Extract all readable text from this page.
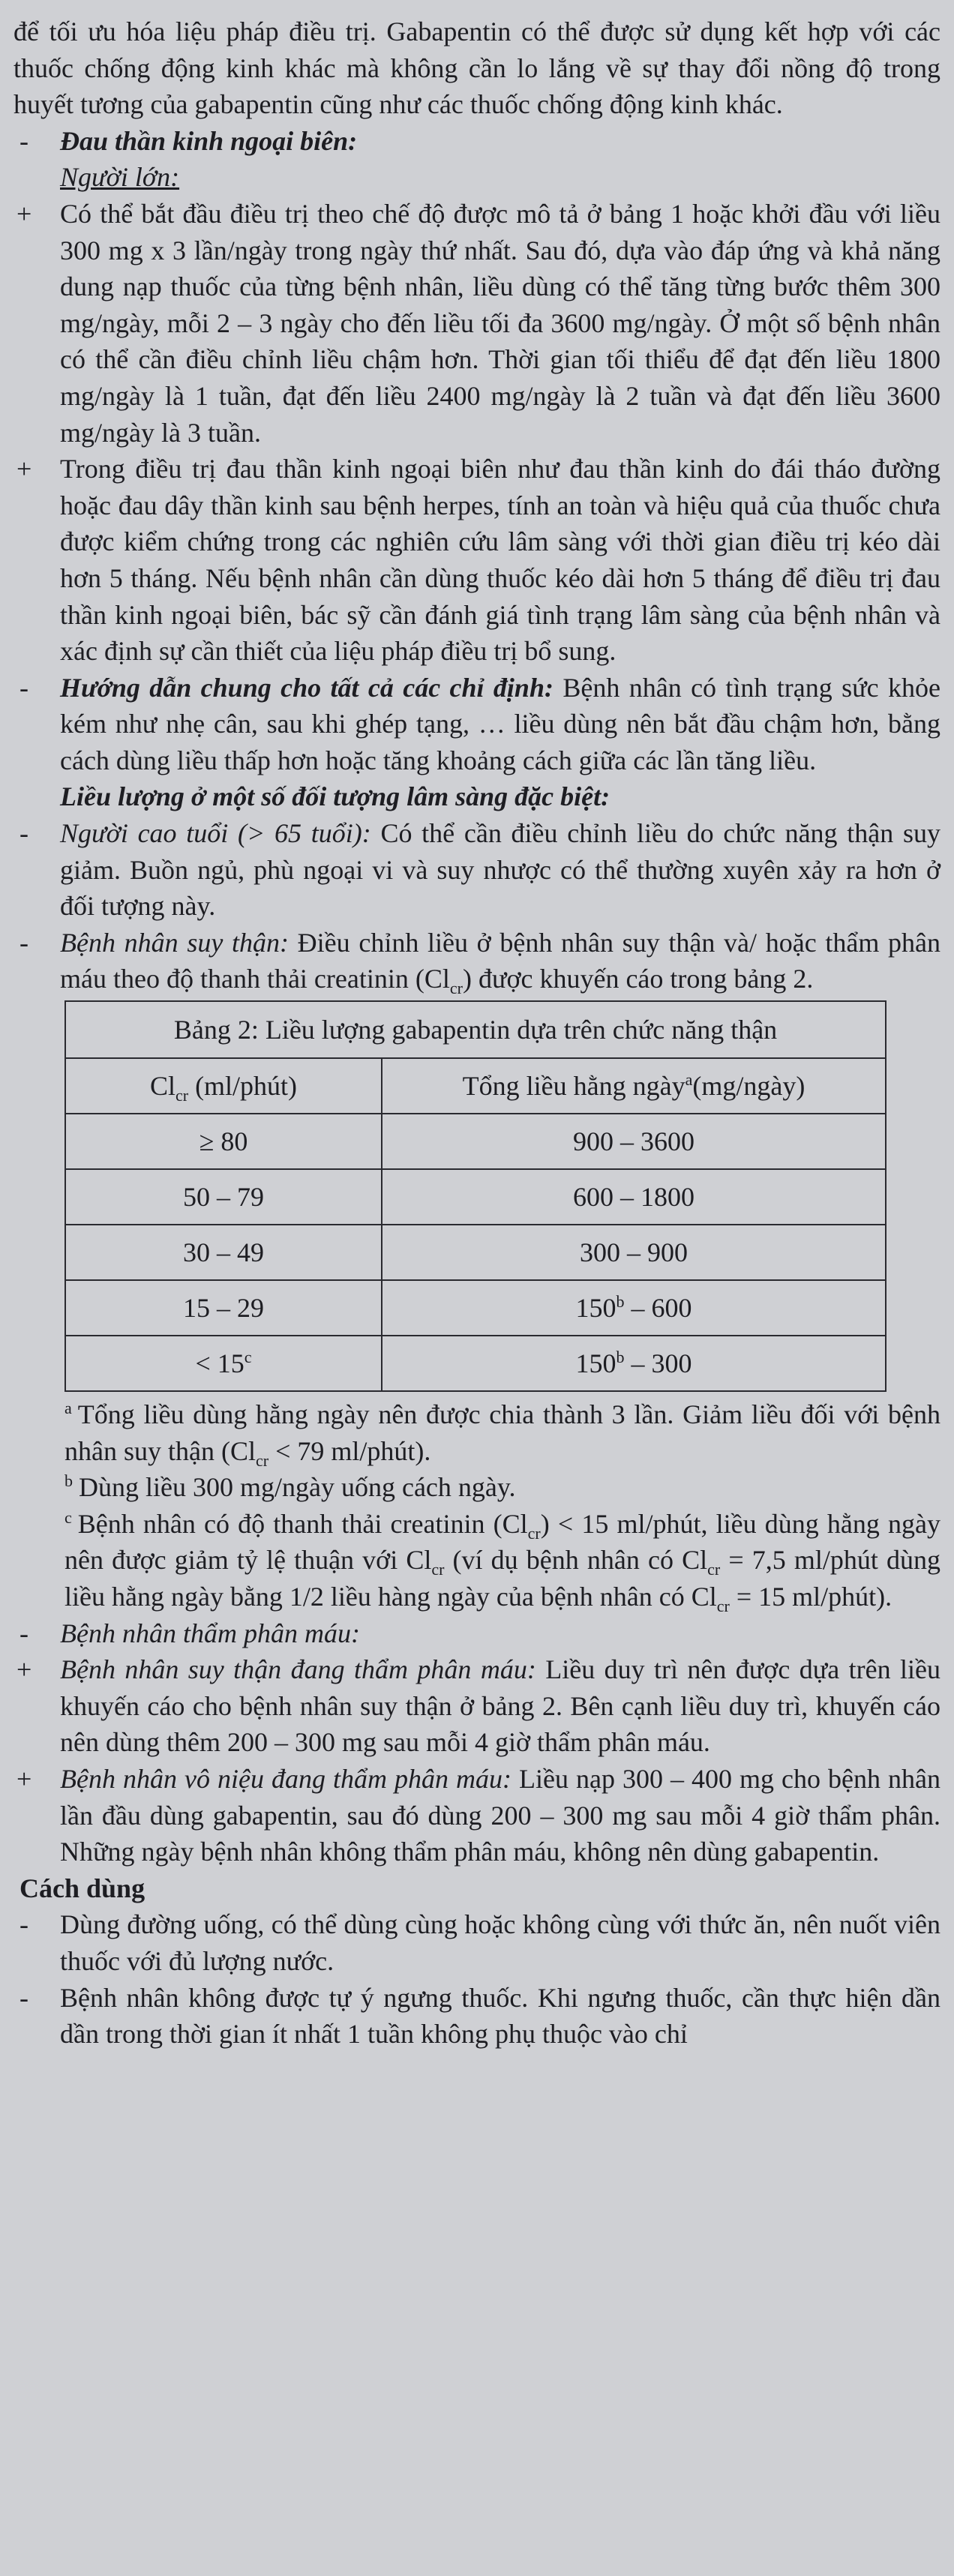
để tối ưu hóa liệu pháp điều trị. Gabapentin có thể được sử dụng kết hợp với các thuốc chống động kinh khác mà không cần lo lắng về sự thay đổi nồng độ trong huyết tương của gabapentin cũng như các thuốc chống động kinh khác.
- Đau thần kinh ngoại biên:
Người lớn:
+ Có thể bắt đầu điều trị theo chế độ được mô tả ở bảng 1 hoặc khởi đầu với liều 300 mg x 3 lần/ngày trong ngày thứ nhất. Sau đó, dựa vào đáp ứng và khả năng dung nạp thuốc của từng bệnh nhân, liều dùng có thể tăng từng bước thêm 300 mg/ngày, mỗi 2 – 3 ngày cho đến liều tối đa 3600 mg/ngày. Ở một số bệnh nhân có thể cần điều chỉnh liều chậm hơn. Thời gian tối thiểu để đạt đến liều 1800 mg/ngày là 1 tuần, đạt đến liều 2400 mg/ngày là 2 tuần và đạt đến liều 3600 mg/ngày là 3 tuần.
+ Trong điều trị đau thần kinh ngoại biên như đau thần kinh do đái tháo đường hoặc đau dây thần kinh sau bệnh herpes, tính an toàn và hiệu quả của thuốc chưa được kiểm chứng trong các nghiên cứu lâm sàng với thời gian điều trị kéo dài hơn 5 tháng. Nếu bệnh nhân cần dùng thuốc kéo dài hơn 5 tháng để điều trị đau thần kinh ngoại biên, bác sỹ cần đánh giá tình trạng lâm sàng của bệnh nhân và xác định sự cần thiết của liệu pháp điều trị bổ sung.
- Hướng dẫn chung cho tất cả các chỉ định: Bệnh nhân có tình trạng sức khỏe kém như nhẹ cân, sau khi ghép tạng, … liều dùng nên bắt đầu chậm hơn, bằng cách dùng liều thấp hơn hoặc tăng khoảng cách giữa các lần tăng liều.
Liều lượng ở một số đối tượng lâm sàng đặc biệt:
- Người cao tuổi (> 65 tuổi): Có thể cần điều chỉnh liều do chức năng thận suy giảm. Buồn ngủ, phù ngoại vi và suy nhược có thể thường xuyên xảy ra hơn ở đối tượng này.
- Bệnh nhân suy thận: Điều chỉnh liều ở bệnh nhân suy thận và/ hoặc thẩm phân máu theo độ thanh thải creatinin $(Cl_{cr})$ được khuyến cáo trong bảng 2.
Bảng 2: Liều lượng gabapentin dựa trên chức năng thận	
$Cl_{cr}$ (ml/phút)	Tổng liều hằng ngày$^a$(mg/ngày)
≥ 80	900 – 3600
50 – 79	600 – 1800
30 – 49	300 – 900
15 – 29	150$^b$ – 600
< $15^c$	150$^b$ – 300
$^a$ Tổng liều dùng hằng ngày nên được chia thành 3 lần. Giảm liều đối với bệnh nhân suy thận ($Cl_{cr} < 79$ ml/phút).
$^b$ Dùng liều 300 mg/ngày uống cách ngày.
$^c$ Bệnh nhân có độ thanh thải creatinin $(Cl_{cr}) < 15$ ml/phút, liều dùng hằng ngày nên được giảm tỷ lệ thuận với $Cl_{cr}$ (ví dụ bệnh nhân có $Cl_{cr} = 7,5$ ml/phút dùng liều hằng ngày bằng 1/2 liều hàng ngày của bệnh nhân có $Cl_{cr} = 15$ ml/phút).
- Bệnh nhân thẩm phân máu:
+ Bệnh nhân suy thận đang thẩm phân máu: Liều duy trì nên được dựa trên liều khuyến cáo cho bệnh nhân suy thận ở bảng 2. Bên cạnh liều duy trì, khuyến cáo nên dùng thêm 200 – 300 mg sau mỗi 4 giờ thẩm phân máu.
+ Bệnh nhân vô niệu đang thẩm phân máu: Liều nạp 300 – 400 mg cho bệnh nhân lần đầu dùng gabapentin, sau đó dùng 200 – 300 mg sau mỗi 4 giờ thẩm phân. Những ngày bệnh nhân không thẩm phân máu, không nên dùng gabapentin.
Cách dùng
- Dùng đường uống, có thể dùng cùng hoặc không cùng với thức ăn, nên nuốt viên thuốc với đủ lượng nước.
- Bệnh nhân không được tự ý ngưng thuốc. Khi ngưng thuốc, cần thực hiện dần dần trong thời gian ít nhất 1 tuần không phụ thuộc vào chỉ
